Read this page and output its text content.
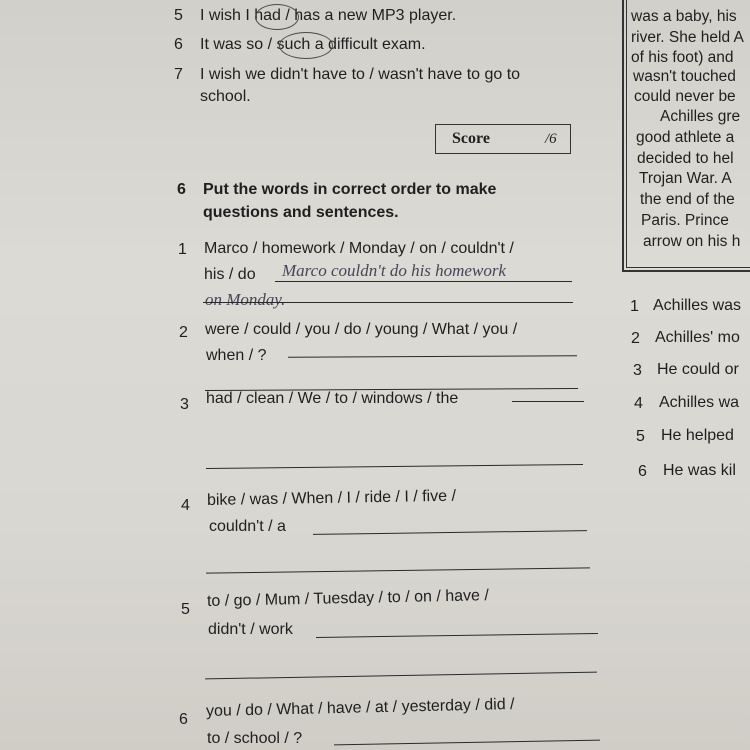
5 I wish I had / has a new MP3 player.
6 It was so / such a difficult exam.
7 I wish we didn't have to / wasn't have to go to
school.
Score	/6
6 Put the words in correct order to make
questions and sentences.
1 Marco / homework / Monday / on / couldn't /
his / do Marco couldn't do his homework
on Monday.
2 were / could / you / do / young / What / you /
when / ?
3 had / clean / We / to / windows / the
4 bike / was / When / I / ride / I / five /
couldn't / a
5 to / go / Mum / Tuesday / to / on / have /
didn't / work
6 you / do / What / have / at / yesterday / did /
to / school / ?
was a baby, his
river. She held A
of his foot) and
wasn't touched
could never be
Achilles gre
good athlete a
decided to hel
Trojan War. A
the end of the
Paris. Prince
arrow on his h
1 Achilles was
2 Achilles' mo
3 He could or
4 Achilles wa
5 He helped
6 He was kil
